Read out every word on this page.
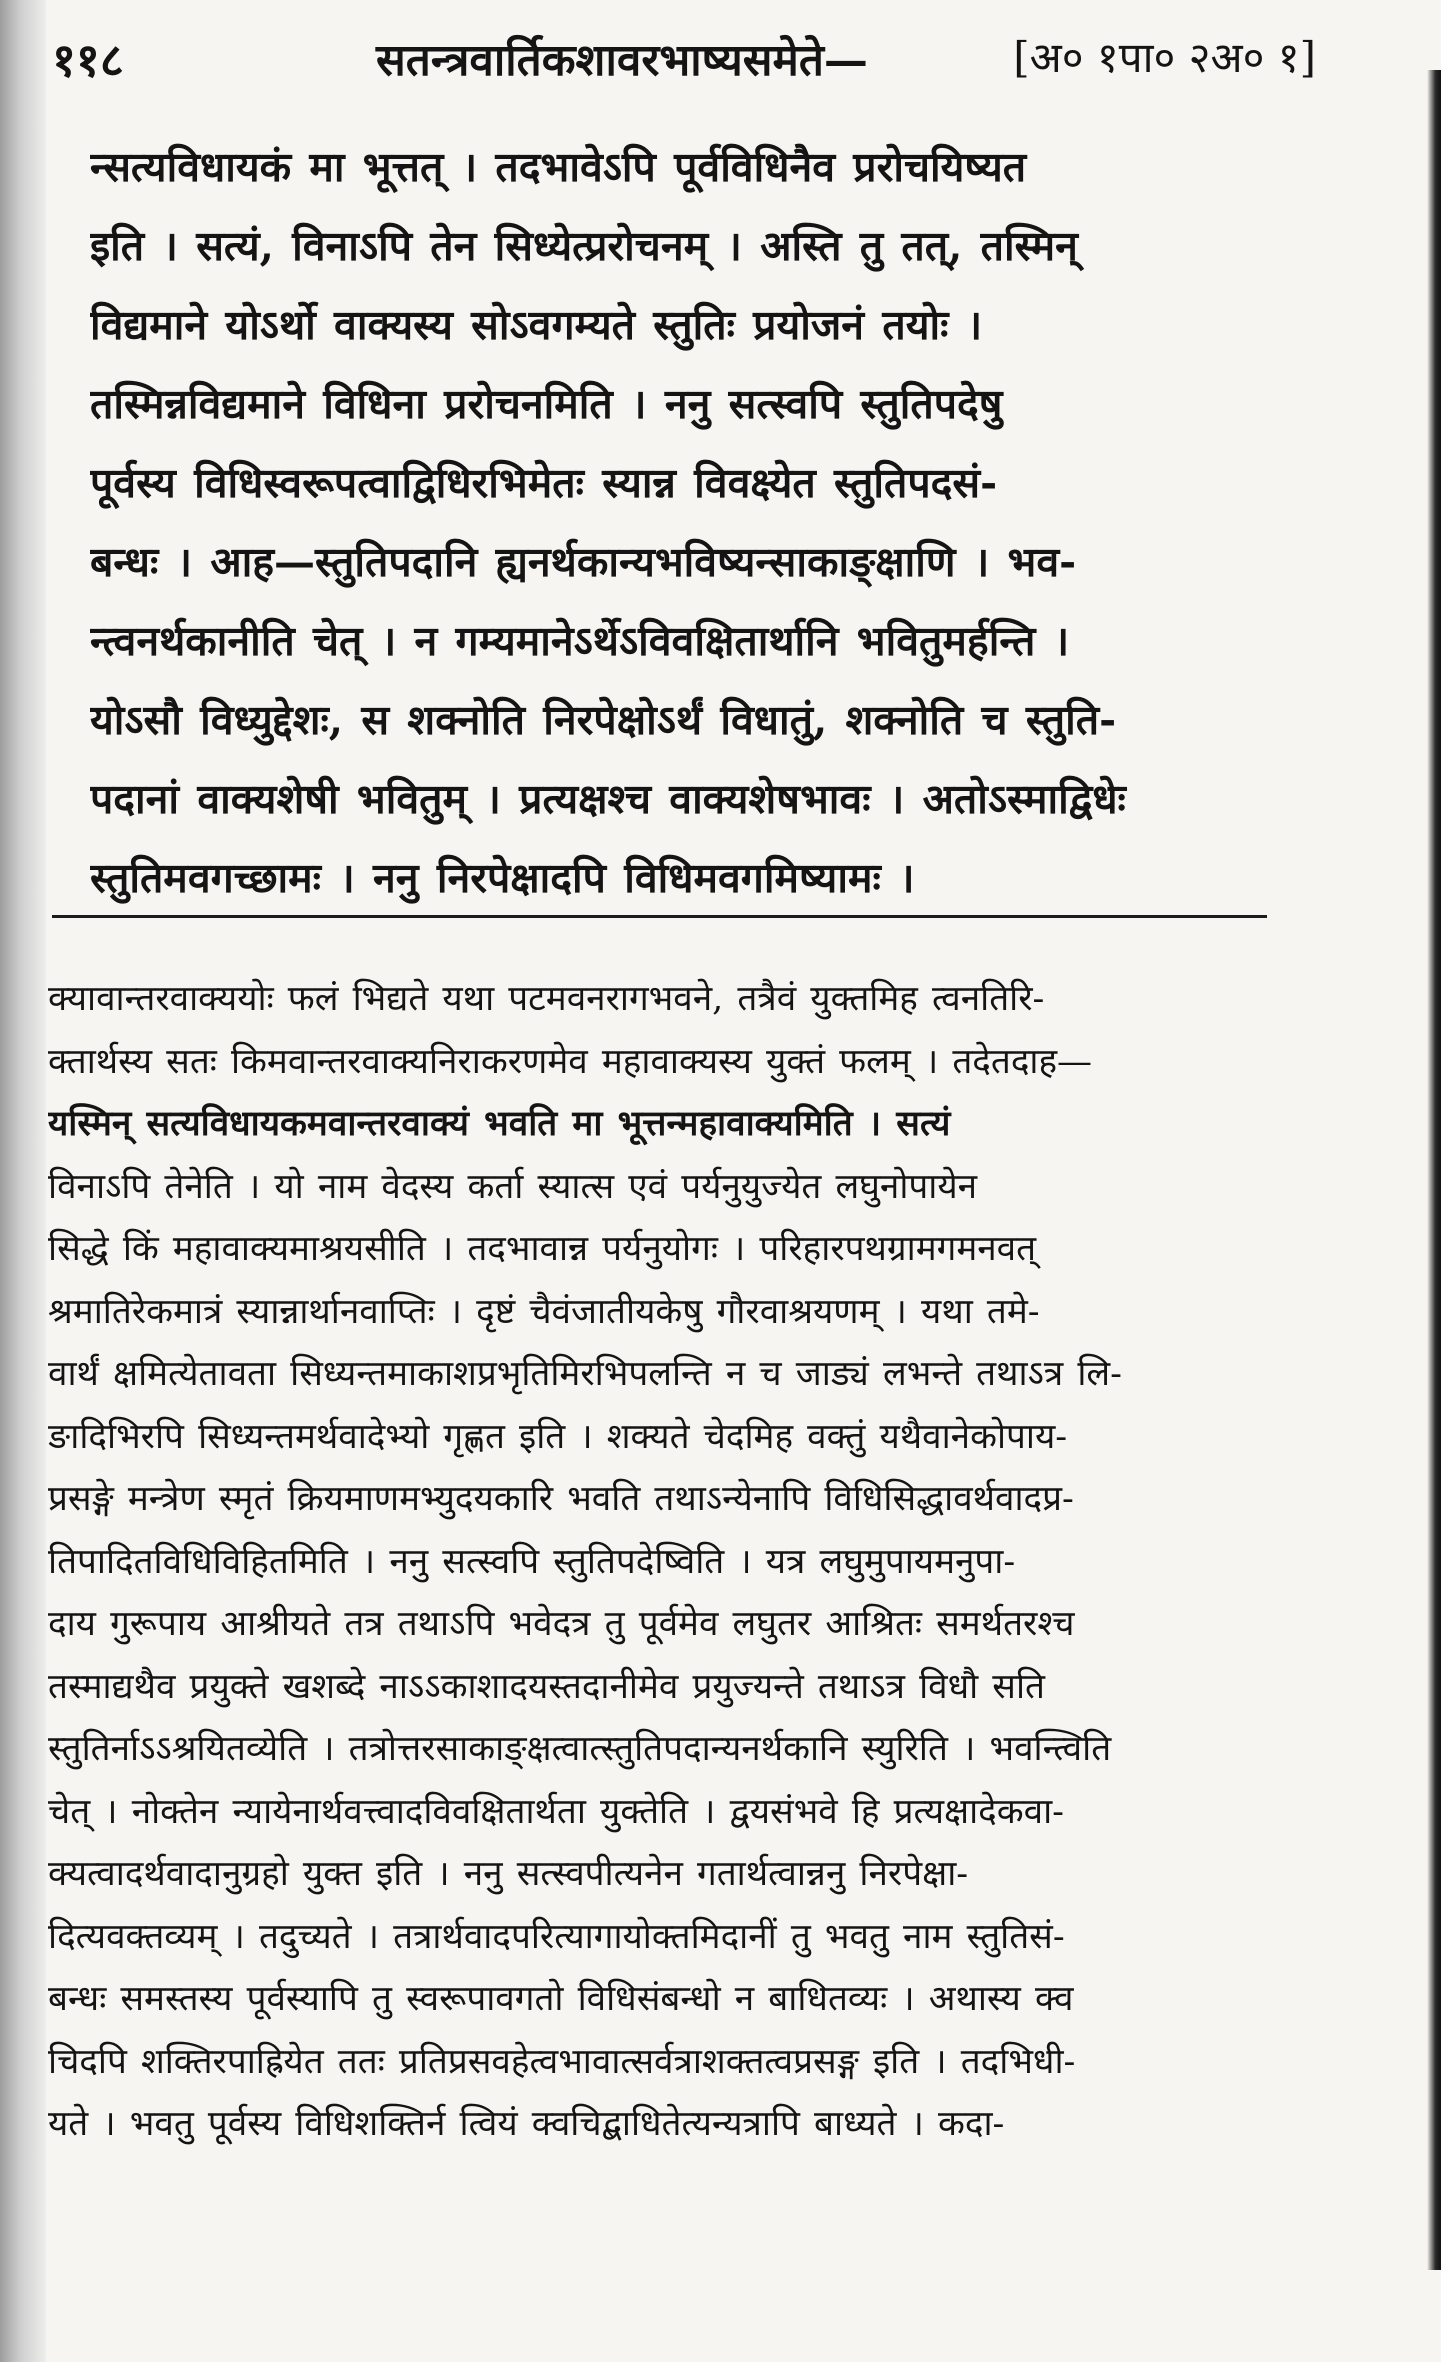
११८	सतन्त्रवार्तिकशावरभाष्यसमेते—	[अ० १पा० २अ० १]
न्सत्यविधायकं मा भूत्तत् । तदभावेऽपि पूर्वविधिनैव प्ररोचयिष्यत
इति । सत्यं, विनाऽपि तेन सिध्येत्प्ररोचनम् । अस्ति तु तत्, तस्मिन्
विद्यमाने योऽर्थो वाक्यस्य सोऽवगम्यते स्तुतिः प्रयोजनं तयोः ।
तस्मिन्नविद्यमाने विधिना प्ररोचनमिति । ननु सत्स्वपि स्तुतिपदेषु
पूर्वस्य विधिस्वरूपत्वाद्विधिरभिमेतः स्यान्न विवक्ष्येत स्तुतिपदसं-
बन्धः । आह—स्तुतिपदानि ह्यनर्थकान्यभविष्यन्साकाङ्क्षाणि । भव-
न्त्वनर्थकानीति चेत् । न गम्यमानेऽर्थेऽविवक्षितार्थानि भवितुमर्हन्ति ।
योऽसौ विध्युद्देशः, स शक्नोति निरपेक्षोऽर्थं विधातुं, शक्नोति च स्तुति-
पदानां वाक्यशेषी भवितुम् । प्रत्यक्षश्च वाक्यशेषभावः । अतोऽस्माद्विधेः
स्तुतिमवगच्छामः । ननु निरपेक्षादपि विधिमवगमिष्यामः ।
क्यावान्तरवाक्ययोः फलं भिद्यते यथा पटमवनरागभवने, तत्रैवं युक्तमिह त्वनतिरि-
क्तार्थस्य सतः किमवान्तरवाक्यनिराकरणमेव महावाक्यस्य युक्तं फलम् । तदेतदाह—
यस्मिन् सत्यविधायकमवान्तरवाक्यं भवति मा भूत्तन्महावाक्यमिति । सत्यं
विनाऽपि तेनेति । यो नाम वेदस्य कर्ता स्यात्स एवं पर्यनुयुज्येत लघुनोपायेन
सिद्धे किं महावाक्यमाश्रयसीति । तदभावान्न पर्यनुयोगः । परिहारपथग्रामगमनवत्
श्रमातिरेकमात्रं स्यान्नार्थानवाप्तिः । दृष्टं चैवंजातीयकेषु गौरवाश्रयणम् । यथा तमे-
वार्थं क्षमित्येतावता सिध्यन्तमाकाशप्रभृतिमिरभिपलन्ति न च जाड्यं लभन्ते तथाऽत्र लि-
ङादिभिरपि सिध्यन्तमर्थवादेभ्यो गृह्णत इति । शक्यते चेदमिह वक्तुं यथैवानेकोपाय-
प्रसङ्गे मन्त्रेण स्मृतं क्रियमाणमभ्युदयकारि भवति तथाऽन्येनापि विधिसिद्धावर्थवादप्र-
तिपादितविधिविहितमिति । ननु सत्स्वपि स्तुतिपदेष्विति । यत्र लघुमुपायमनुपा-
दाय गुरूपाय आश्रीयते तत्र तथाऽपि भवेदत्र तु पूर्वमेव लघुतर आश्रितः समर्थतरश्च
तस्माद्यथैव प्रयुक्ते खशब्दे नाऽऽकाशादयस्तदानीमेव प्रयुज्यन्ते तथाऽत्र विधौ सति
स्तुतिर्नाऽऽश्रयितव्येति । तत्रोत्तरसाकाङ्क्षत्वात्स्तुतिपदान्यनर्थकानि स्युरिति । भवन्त्विति
चेत् । नोक्तेन न्यायेनार्थवत्त्वादविवक्षितार्थता युक्तेति । द्वयसंभवे हि प्रत्यक्षादेकवा-
क्यत्वादर्थवादानुग्रहो युक्त इति । ननु सत्स्वपीत्यनेन गतार्थत्वान्ननु निरपेक्षा-
दित्यवक्तव्यम् । तदुच्यते । तत्रार्थवादपरित्यागायोक्तमिदानीं तु भवतु नाम स्तुतिसं-
बन्धः समस्तस्य पूर्वस्यापि तु स्वरूपावगतो विधिसंबन्धो न बाधितव्यः । अथास्य क्व
चिदपि शक्तिरपाह्रियेत ततः प्रतिप्रसवहेत्वभावात्सर्वत्राशक्तत्वप्रसङ्ग इति । तदभिधी-
यते । भवतु पूर्वस्य विधिशक्तिर्न त्वियं क्वचिद्बाधितेत्यन्यत्रापि बाध्यते । कदा-
